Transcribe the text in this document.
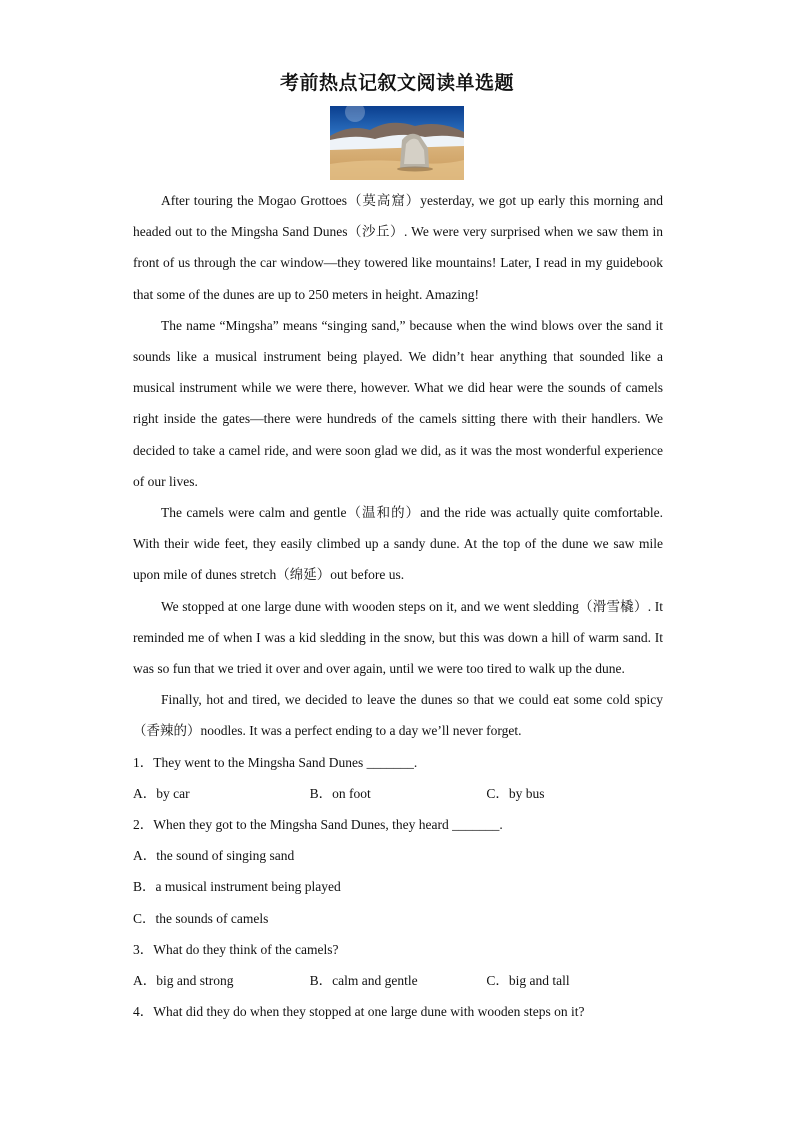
考前热点记叙文阅读单选题

After touring the Mogao Grottoes（莫高窟）yesterday, we got up early this morning and headed out to the Mingsha Sand Dunes（沙丘）. We were very surprised when we saw them in front of us through the car window—they towered like mountains! Later, I read in my guidebook that some of the dunes are up to 250 meters in height. Amazing!

The name “Mingsha” means “singing sand,” because when the wind blows over the sand it sounds like a musical instrument being played. We didn’t hear anything that sounded like a musical instrument while we were there, however. What we did hear were the sounds of camels right inside the gates—there were hundreds of the camels sitting there with their handlers. We decided to take a camel ride, and were soon glad we did, as it was the most wonderful experience of our lives.

The camels were calm and gentle（温和的）and the ride was actually quite comfortable. With their wide feet, they easily climbed up a sandy dune. At the top of the dune we saw mile upon mile of dunes stretch（绵延）out before us.

We stopped at one large dune with wooden steps on it, and we went sledding（滑雪橇）. It reminded me of when I was a kid sledding in the snow, but this was down a hill of warm sand. It was so fun that we tried it over and over again, until we were too tired to walk up the dune.

Finally, hot and tired, we decided to leave the dunes so that we could eat some cold spicy（香辣的）noodles. It was a perfect ending to a day we’ll never forget.

1．They went to the Mingsha Sand Dunes _______.
A．by car	B．on foot	C．by bus
2．When they got to the Mingsha Sand Dunes, they heard _______.
A．the sound of singing sand
B．a musical instrument being played
C．the sounds of camels
3．What do they think of the camels?
A．big and strong	B．calm and gentle	C．big and tall
4．What did they do when they stopped at one large dune with wooden steps on it?
